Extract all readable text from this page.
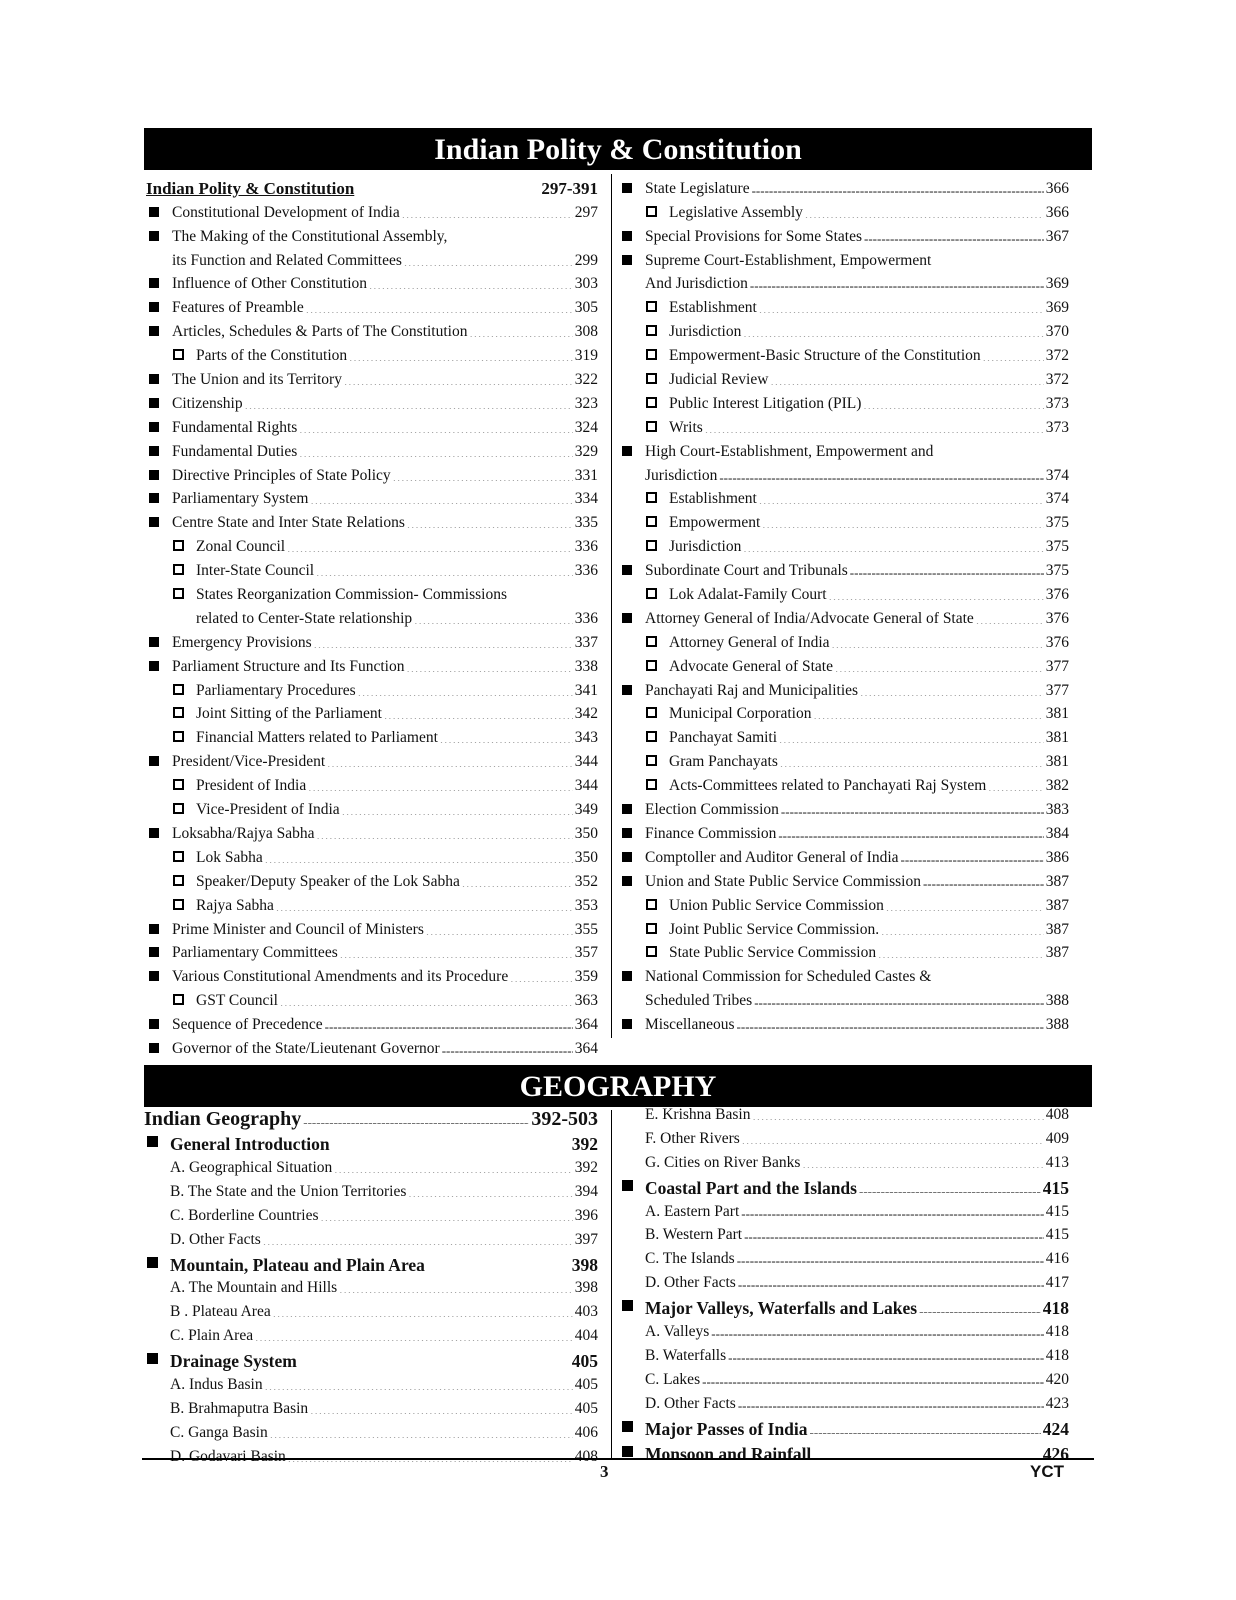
Indian Polity & Constitution
GEOGRAPHY
Indian Polity & Constitution .....	297-391
Constitutional Development of India .....	297
The Making of the Constitutional Assembly,
its Function and Related Committees .....	299
Influence of Other Constitution .....	303
Features of Preamble .....	305
Articles, Schedules & Parts of The Constitution .....	308
Parts of the Constitution .....	319
The Union and its Territory .....	322
Citizenship .....	323
Fundamental Rights .....	324
Fundamental Duties .....	329
Directive Principles of State Policy .....	331
Parliamentary System .....	334
Centre State and Inter State Relations .....	335
Zonal Council .....	336
Inter-State Council .....	336
States Reorganization Commission- Commissions
related to Center-State relationship .....	336
Emergency Provisions .....	337
Parliament Structure and Its Function .....	338
Parliamentary Procedures .....	341
Joint Sitting of the Parliament .....	342
Financial Matters related to Parliament .....	343
President/Vice-President .....	344
President of India .....	344
Vice-President of India .....	349
Loksabha/Rajya Sabha .....	350
Lok Sabha .....	350
Speaker/Deputy Speaker of the Lok Sabha .....	352
Rajya Sabha .....	353
Prime Minister and Council of Ministers .....	355
Parliamentary Committees .....	357
Various Constitutional Amendments and its Procedure .....	359
GST Council .....	363
Sequence of Precedence -----	364
Governor of the State/Lieutenant Governor -----	364
State Legislature -----	366
Legislative Assembly .....	366
Special Provisions for Some States -----	367
Supreme Court-Establishment, Empowerment
And Jurisdiction -----	369
Establishment .....	369
Jurisdiction .....	370
Empowerment-Basic Structure of the Constitution .....	372
Judicial Review .....	372
Public Interest Litigation (PIL) .....	373
Writs .....	373
High Court-Establishment, Empowerment and
Jurisdiction -----	374
Establishment .....	374
Empowerment .....	375
Jurisdiction .....	375
Subordinate Court and Tribunals -----	375
Lok Adalat-Family Court .....	376
Attorney General of India/Advocate General of State .....	376
Attorney General of India .....	376
Advocate General of State .....	377
Panchayati Raj and Municipalities .....	377
Municipal Corporation .....	381
Panchayat Samiti .....	381
Gram Panchayats .....	381
Acts-Committees related to Panchayati Raj System .....	382
Election Commission -----	383
Finance Commission -----	384
Comptoller and Auditor General of India -----	386
Union and State Public Service Commission -----	387
Union Public Service Commission .....	387
Joint Public Service Commission. .....	387
State Public Service Commission .....	387
National Commission for Scheduled Castes &
Scheduled Tribes -----	388
Miscellaneous -----	388
Indian Geography -----	392-503
General Introduction .....	392
A. Geographical Situation .....	392
B. The State and the Union Territories .....	394
C. Borderline Countries .....	396
D. Other Facts .....	397
Mountain, Plateau and Plain Area .....	398
A. The Mountain and Hills .....	398
B . Plateau Area .....	403
C. Plain Area .....	404
Drainage System .....	405
A. Indus Basin .....	405
B. Brahmaputra Basin .....	405
C. Ganga Basin .....	406
D. Godavari Basin .....	408
E. Krishna Basin .....	408
F. Other Rivers .....	409
G. Cities on River Banks .....	413
Coastal Part and the Islands -----	415
A. Eastern Part -----	415
B. Western Part -----	415
C. The Islands -----	416
D. Other Facts -----	417
Major Valleys, Waterfalls and Lakes -----	418
A. Valleys -----	418
B. Waterfalls -----	418
C. Lakes -----	420
D. Other Facts -----	423
Major Passes of India -----	424
Monsoon and Rainfall -----	426
3	YCT
